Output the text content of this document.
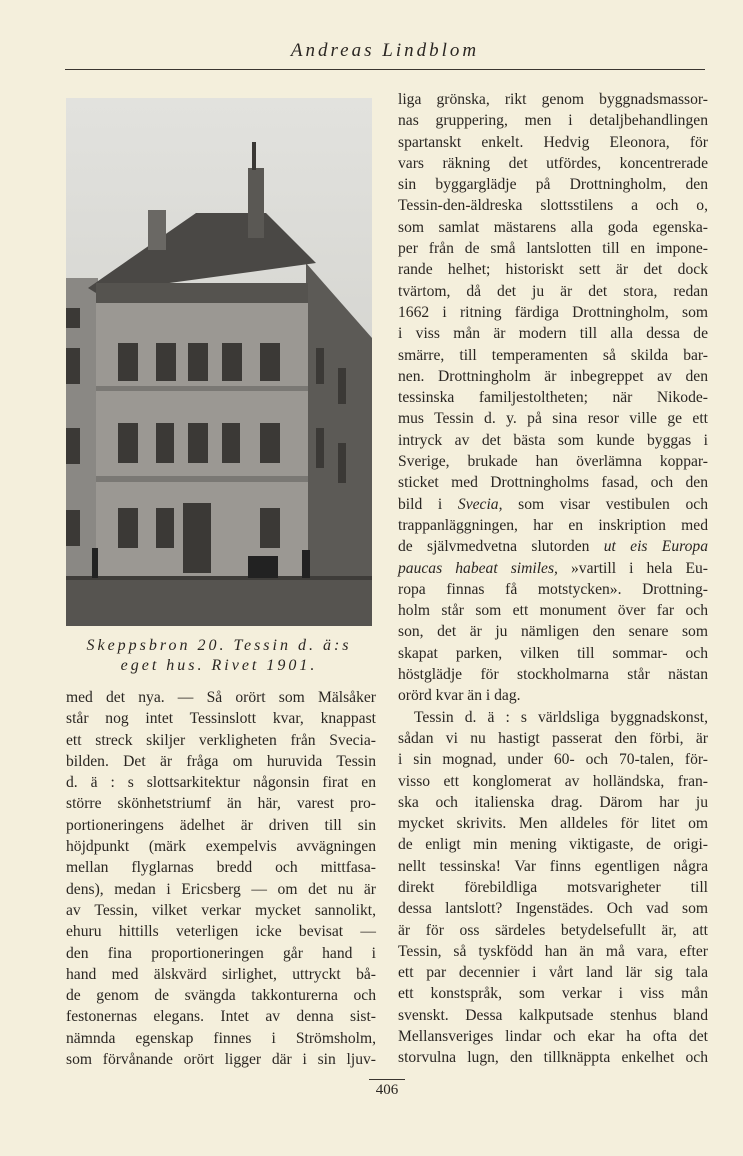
Andreas Lindblom
Skeppsbron 20. Tessin d. ä:s
eget hus. Rivet 1901.
med det nya. — Så orört som Mälsåker
står nog intet Tessinslott kvar, knappast
ett streck skiljer verkligheten från Svecia-
bilden. Det är fråga om huruvida Tessin
d. ä : s slottsarkitektur någonsin firat en
större skönhetstriumf än här, varest pro-
portioneringens ädelhet är driven till sin
höjdpunkt (märk exempelvis avvägningen
mellan flyglarnas bredd och mittfasa-
dens), medan i Ericsberg — om det nu är
av Tessin, vilket verkar mycket sannolikt,
ehuru hittills veterligen icke bevisat —
den fina proportioneringen går hand i
hand med älskvärd sirlighet, uttryckt bå-
de genom de svängda takkonturerna och
festonernas elegans. Intet av denna sist-
nämnda egenskap finnes i Strömsholm,
som förvånande orört ligger där i sin ljuv-
liga grönska, rikt genom byggnadsmassor-
nas gruppering, men i detaljbehandlingen
spartanskt enkelt. Hedvig Eleonora, för
vars räkning det utfördes, koncentrerade
sin byggarglädje på Drottningholm, den
Tessin-den-äldreska slottsstilens a och o,
som samlat mästarens alla goda egenska-
per från de små lantslotten till en impone-
rande helhet; historiskt sett är det dock
tvärtom, då det ju är det stora, redan
1662 i ritning färdiga Drottningholm, som
i viss mån är modern till alla dessa de
smärre, till temperamenten så skilda bar-
nen. Drottningholm är inbegreppet av den
tessinska familjestoltheten; när Nikode-
mus Tessin d. y. på sina resor ville ge ett
intryck av det bästa som kunde byggas i
Sverige, brukade han överlämna koppar-
sticket med Drottningholms fasad, och den
bild i Svecia, som visar vestibulen och
trappanläggningen, har en inskription med
de självmedvetna slutorden ut eis Europa
paucas habeat similes, »vartill i hela Eu-
ropa finnas få motstycken». Drottning-
holm står som ett monument över far och
son, det är ju nämligen den senare som
skapat parken, vilken till sommar- och
höstglädje för stockholmarna står nästan
orörd kvar än i dag.
Tessin d. ä : s världsliga byggnadskonst,
sådan vi nu hastigt passerat den förbi, är
i sin mognad, under 60- och 70-talen, för-
visso ett konglomerat av holländska, fran-
ska och italienska drag. Därom har ju
mycket skrivits. Men alldeles för litet om
de enligt min mening viktigaste, de origi-
nellt tessinska! Var finns egentligen några
direkt förebildliga motsvarigheter till
dessa lantslott? Ingenstädes. Och vad som
är för oss särdeles betydelsefullt är, att
Tessin, så tyskfödd han än må vara, efter
ett par decennier i vårt land lär sig tala
ett konstspråk, som verkar i viss mån
svenskt. Dessa kalkputsade stenhus bland
Mellansveriges lindar och ekar ha ofta det
storvulna lugn, den tillknäppta enkelhet och
406
